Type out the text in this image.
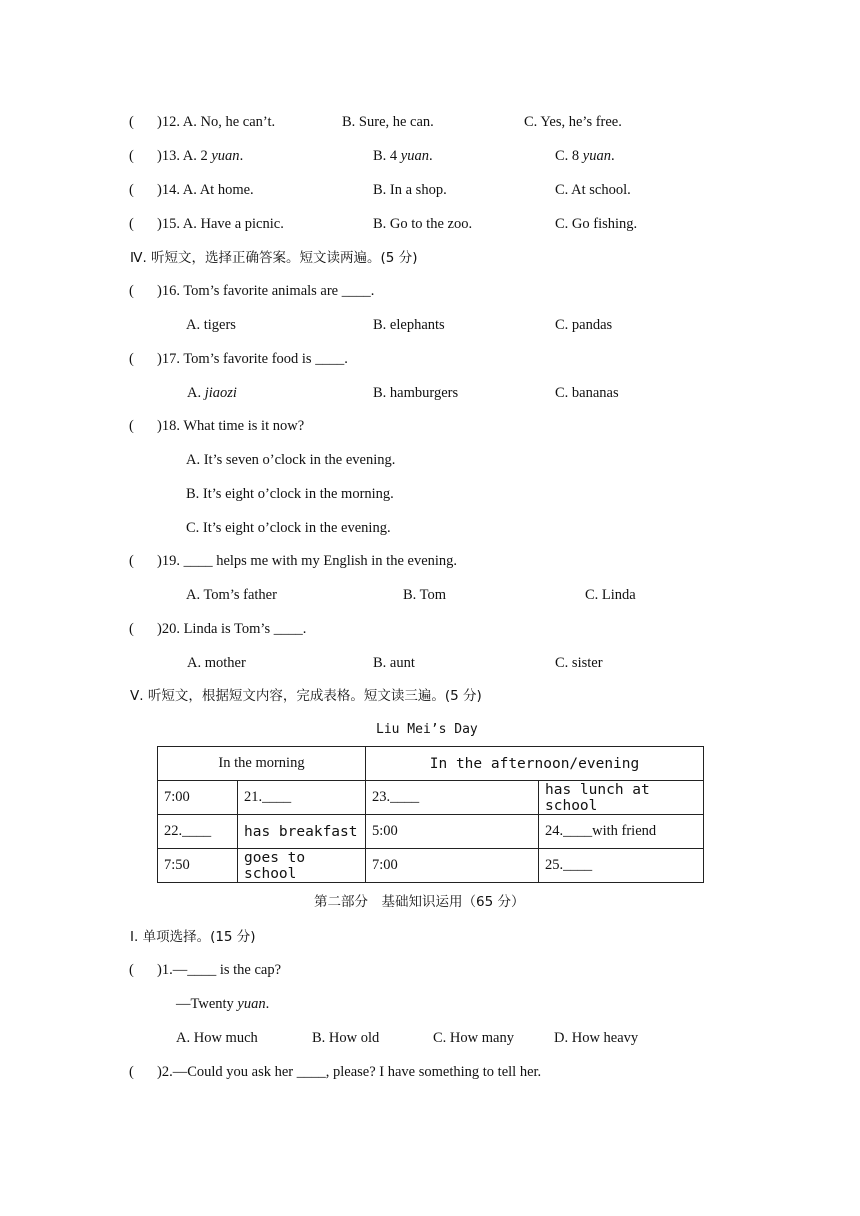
( )12. A. No, he can’t.	B. Sure, he can.	C. Yes, he’s free.
( )13. A. 2 yuan.	B. 4 yuan.	C. 8 yuan.
( )14. A. At home.	B. In a shop.	C. At school.
( )15. A. Have a picnic.	B. Go to the zoo.	C. Go fishing.
Ⅳ. 听短文，选择正确答案。短文读两遍。(5 分)
( )16. Tom’s favorite animals are ____.
A. tigers	B. elephants	C. pandas
( )17. Tom’s favorite food is ____.
A. jiaozi	B. hamburgers	C. bananas
( )18. What time is it now?
A. It’s seven o’clock in the evening.
B. It’s eight o’clock in the morning.
C. It’s eight o’clock in the evening.
( )19. ____ helps me with my English in the evening.
A. Tom’s father	B. Tom	C. Linda
( )20. Linda is Tom’s ____.
A. mother	B. aunt	C. sister
Ⅴ. 听短文，根据短文内容，完成表格。短文读三遍。(5 分)
Liu Mei’s Day
In the morning		In the afternoon/evening	
7:00	21.____	23.____	has lunch at school
22.____	has breakfast	5:00	24.____with friend
7:50	goes to school	7:00	25.____
第二部分　基础知识运用（65 分）
Ⅰ. 单项选择。(15 分)
( )1.—____ is the cap?
—Twenty yuan.
A. How much	B. How old	C. How many	D. How heavy
( )2.—Could you ask her ____, please? I have something to tell her.
